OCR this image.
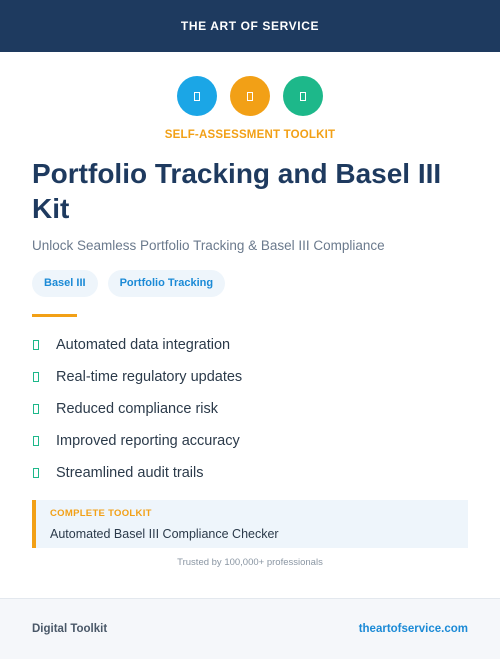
THE ART OF SERVICE
SELF-ASSESSMENT TOOLKIT
Portfolio Tracking and Basel III Kit
Unlock Seamless Portfolio Tracking & Basel III Compliance
Basel III	Portfolio Tracking
Automated data integration
Real-time regulatory updates
Reduced compliance risk
Improved reporting accuracy
Streamlined audit trails
COMPLETE TOOLKIT
Automated Basel III Compliance Checker
Trusted by 100,000+ professionals
Digital Toolkit	theartofservice.com
